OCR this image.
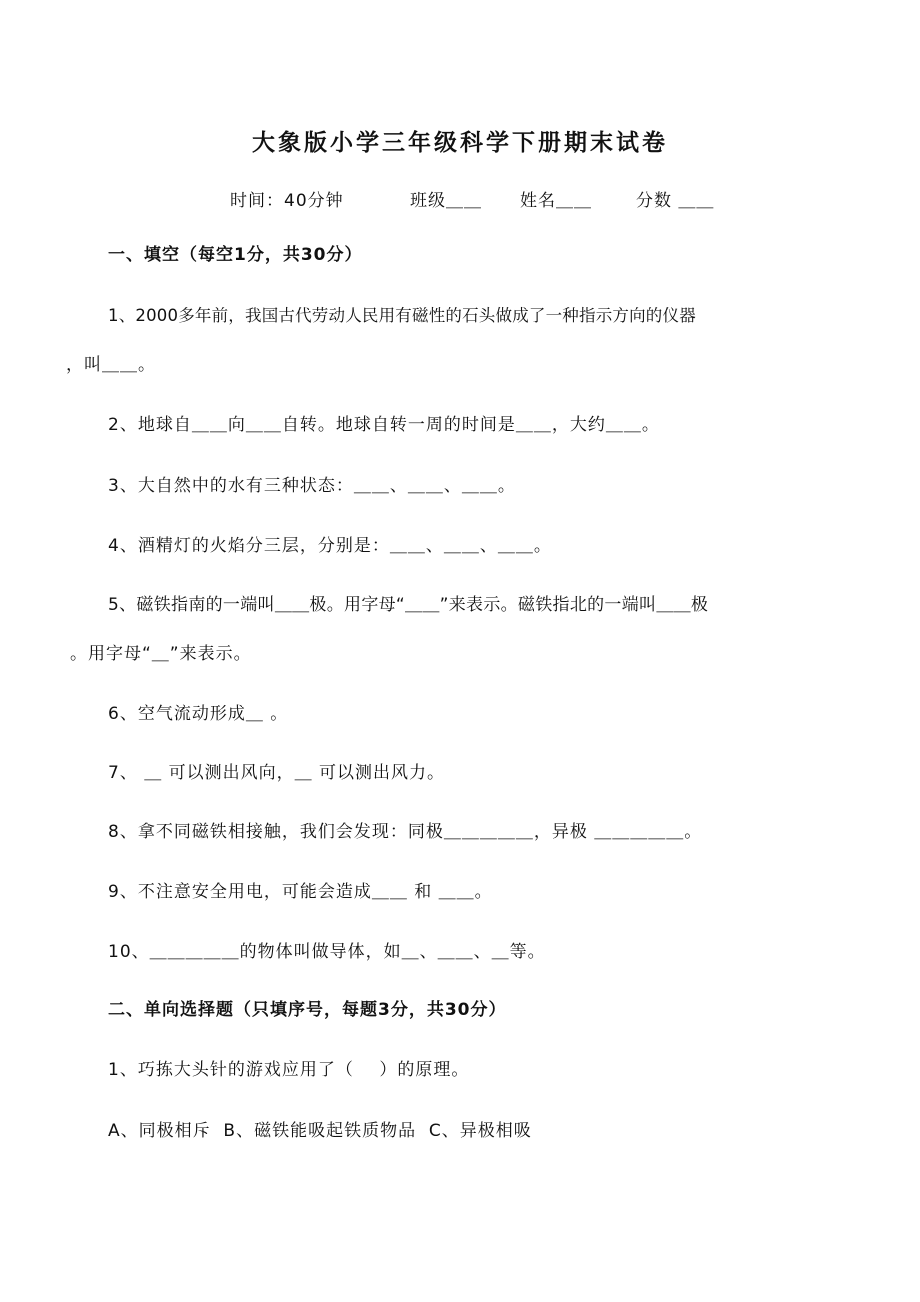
大象版小学三年级科学下册期末试卷
时间：40分钟	班级＿＿ 姓名＿＿	分数 ＿＿
一、填空（每空1分，共30分）
1、2000多年前，我国古代劳动人民用有磁性的石头做成了一种指示方向的仪器
，叫＿＿。
2、地球自＿＿向＿＿自转。地球自转一周的时间是＿＿，大约＿＿。
3、大自然中的水有三种状态：＿＿、＿＿、＿＿。
4、酒精灯的火焰分三层，分别是：＿＿、＿＿、＿＿。
5、磁铁指南的一端叫＿＿极。用字母“＿＿”来表示。磁铁指北的一端叫＿＿极
。用字母“＿”来表示。
6、空气流动形成＿ 。
7、 ＿ 可以测出风向，＿ 可以测出风力。
8、拿不同磁铁相接触，我们会发现：同极＿＿＿＿＿，异极 ＿＿＿＿＿。
9、不注意安全用电，可能会造成＿＿ 和 ＿＿。
10、＿＿＿＿＿的物体叫做导体，如＿、＿＿、＿等。
二、单向选择题（只填序号，每题3分，共30分）
1、巧拣大头针的游戏应用了（    ）的原理。
A、同极相斥  B、磁铁能吸起铁质物品  C、异极相吸
